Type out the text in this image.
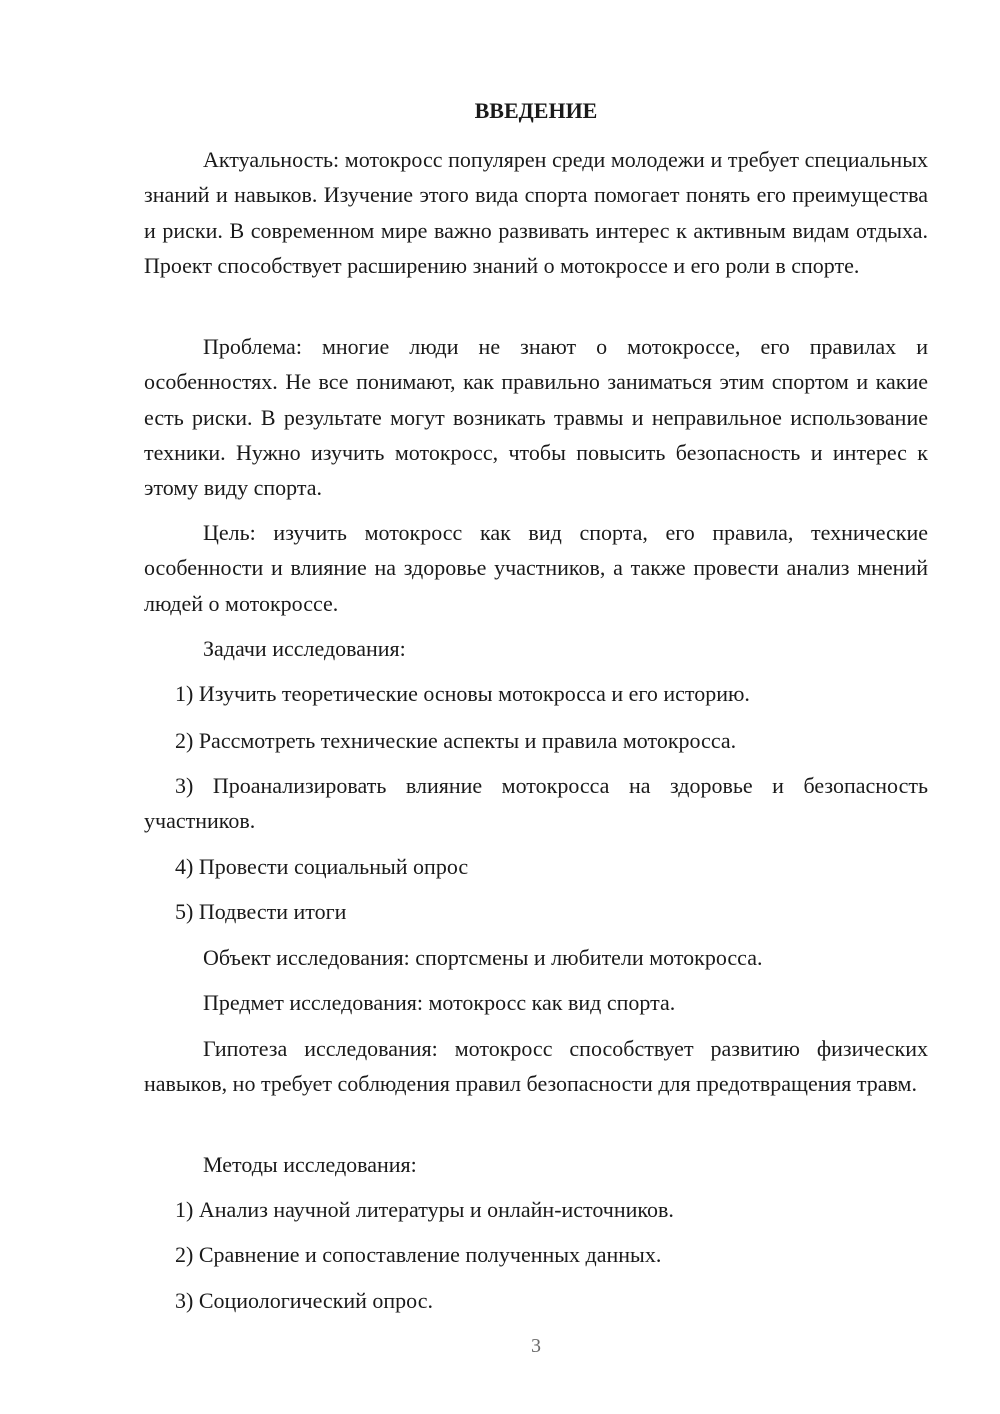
ВВЕДЕНИЕ

Актуальность: мотокросс популярен среди молодежи и требует специальных знаний и навыков. Изучение этого вида спорта помогает понять его преимущества и риски. В современном мире важно развивать интерес к активным видам отдыха. Проект способствует расширению знаний о мотокроссе и его роли в спорте.

Проблема: многие люди не знают о мотокроссе, его правилах и особенностях. Не все понимают, как правильно заниматься этим спортом и какие есть риски. В результате могут возникать травмы и неправильное использование техники. Нужно изучить мотокросс, чтобы повысить безопасность и интерес к этому виду спорта.

Цель: изучить мотокросс как вид спорта, его правила, технические особенности и влияние на здоровье участников, а также провести анализ мнений людей о мотокроссе.

Задачи исследования:

1) Изучить теоретические основы мотокросса и его историю.

2) Рассмотреть технические аспекты и правила мотокросса.

3) Проанализировать влияние мотокросса на здоровье и безопасность участников.

4) Провести социальный опрос

5) Подвести итоги

Объект исследования: спортсмены и любители мотокросса.

Предмет исследования: мотокросс как вид спорта.

Гипотеза исследования: мотокросс способствует развитию физических навыков, но требует соблюдения правил безопасности для предотвращения травм.

Методы исследования:

1) Анализ научной литературы и онлайн-источников.

2) Сравнение и сопоставление полученных данных.

3) Социологический опрос.

3
